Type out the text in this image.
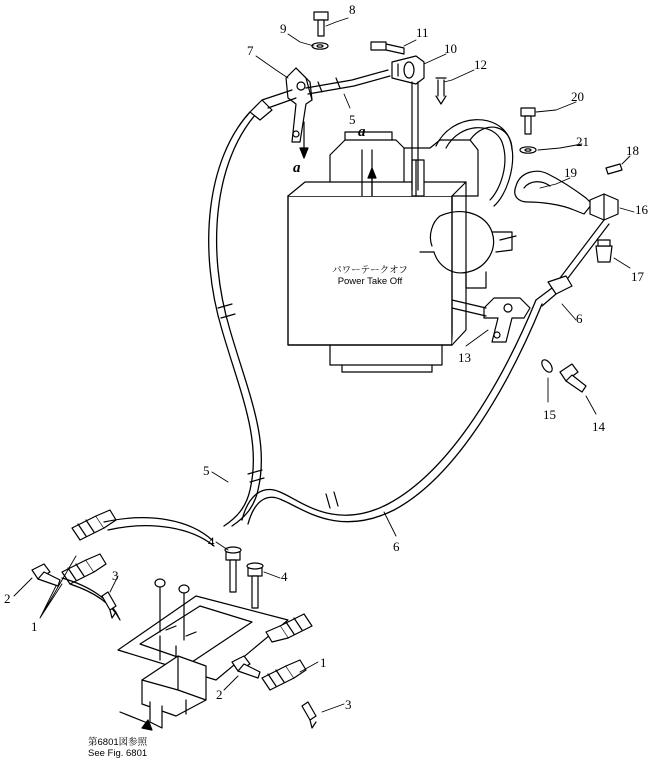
パワーテークオフ
Power Take Off
第6801図参照
See Fig. 6801
a
a
8
9	11
10
12
7
5
20
21
18
19
16
17
6
13
15
14
5
6
4
4
3
2
1
1
2
3
